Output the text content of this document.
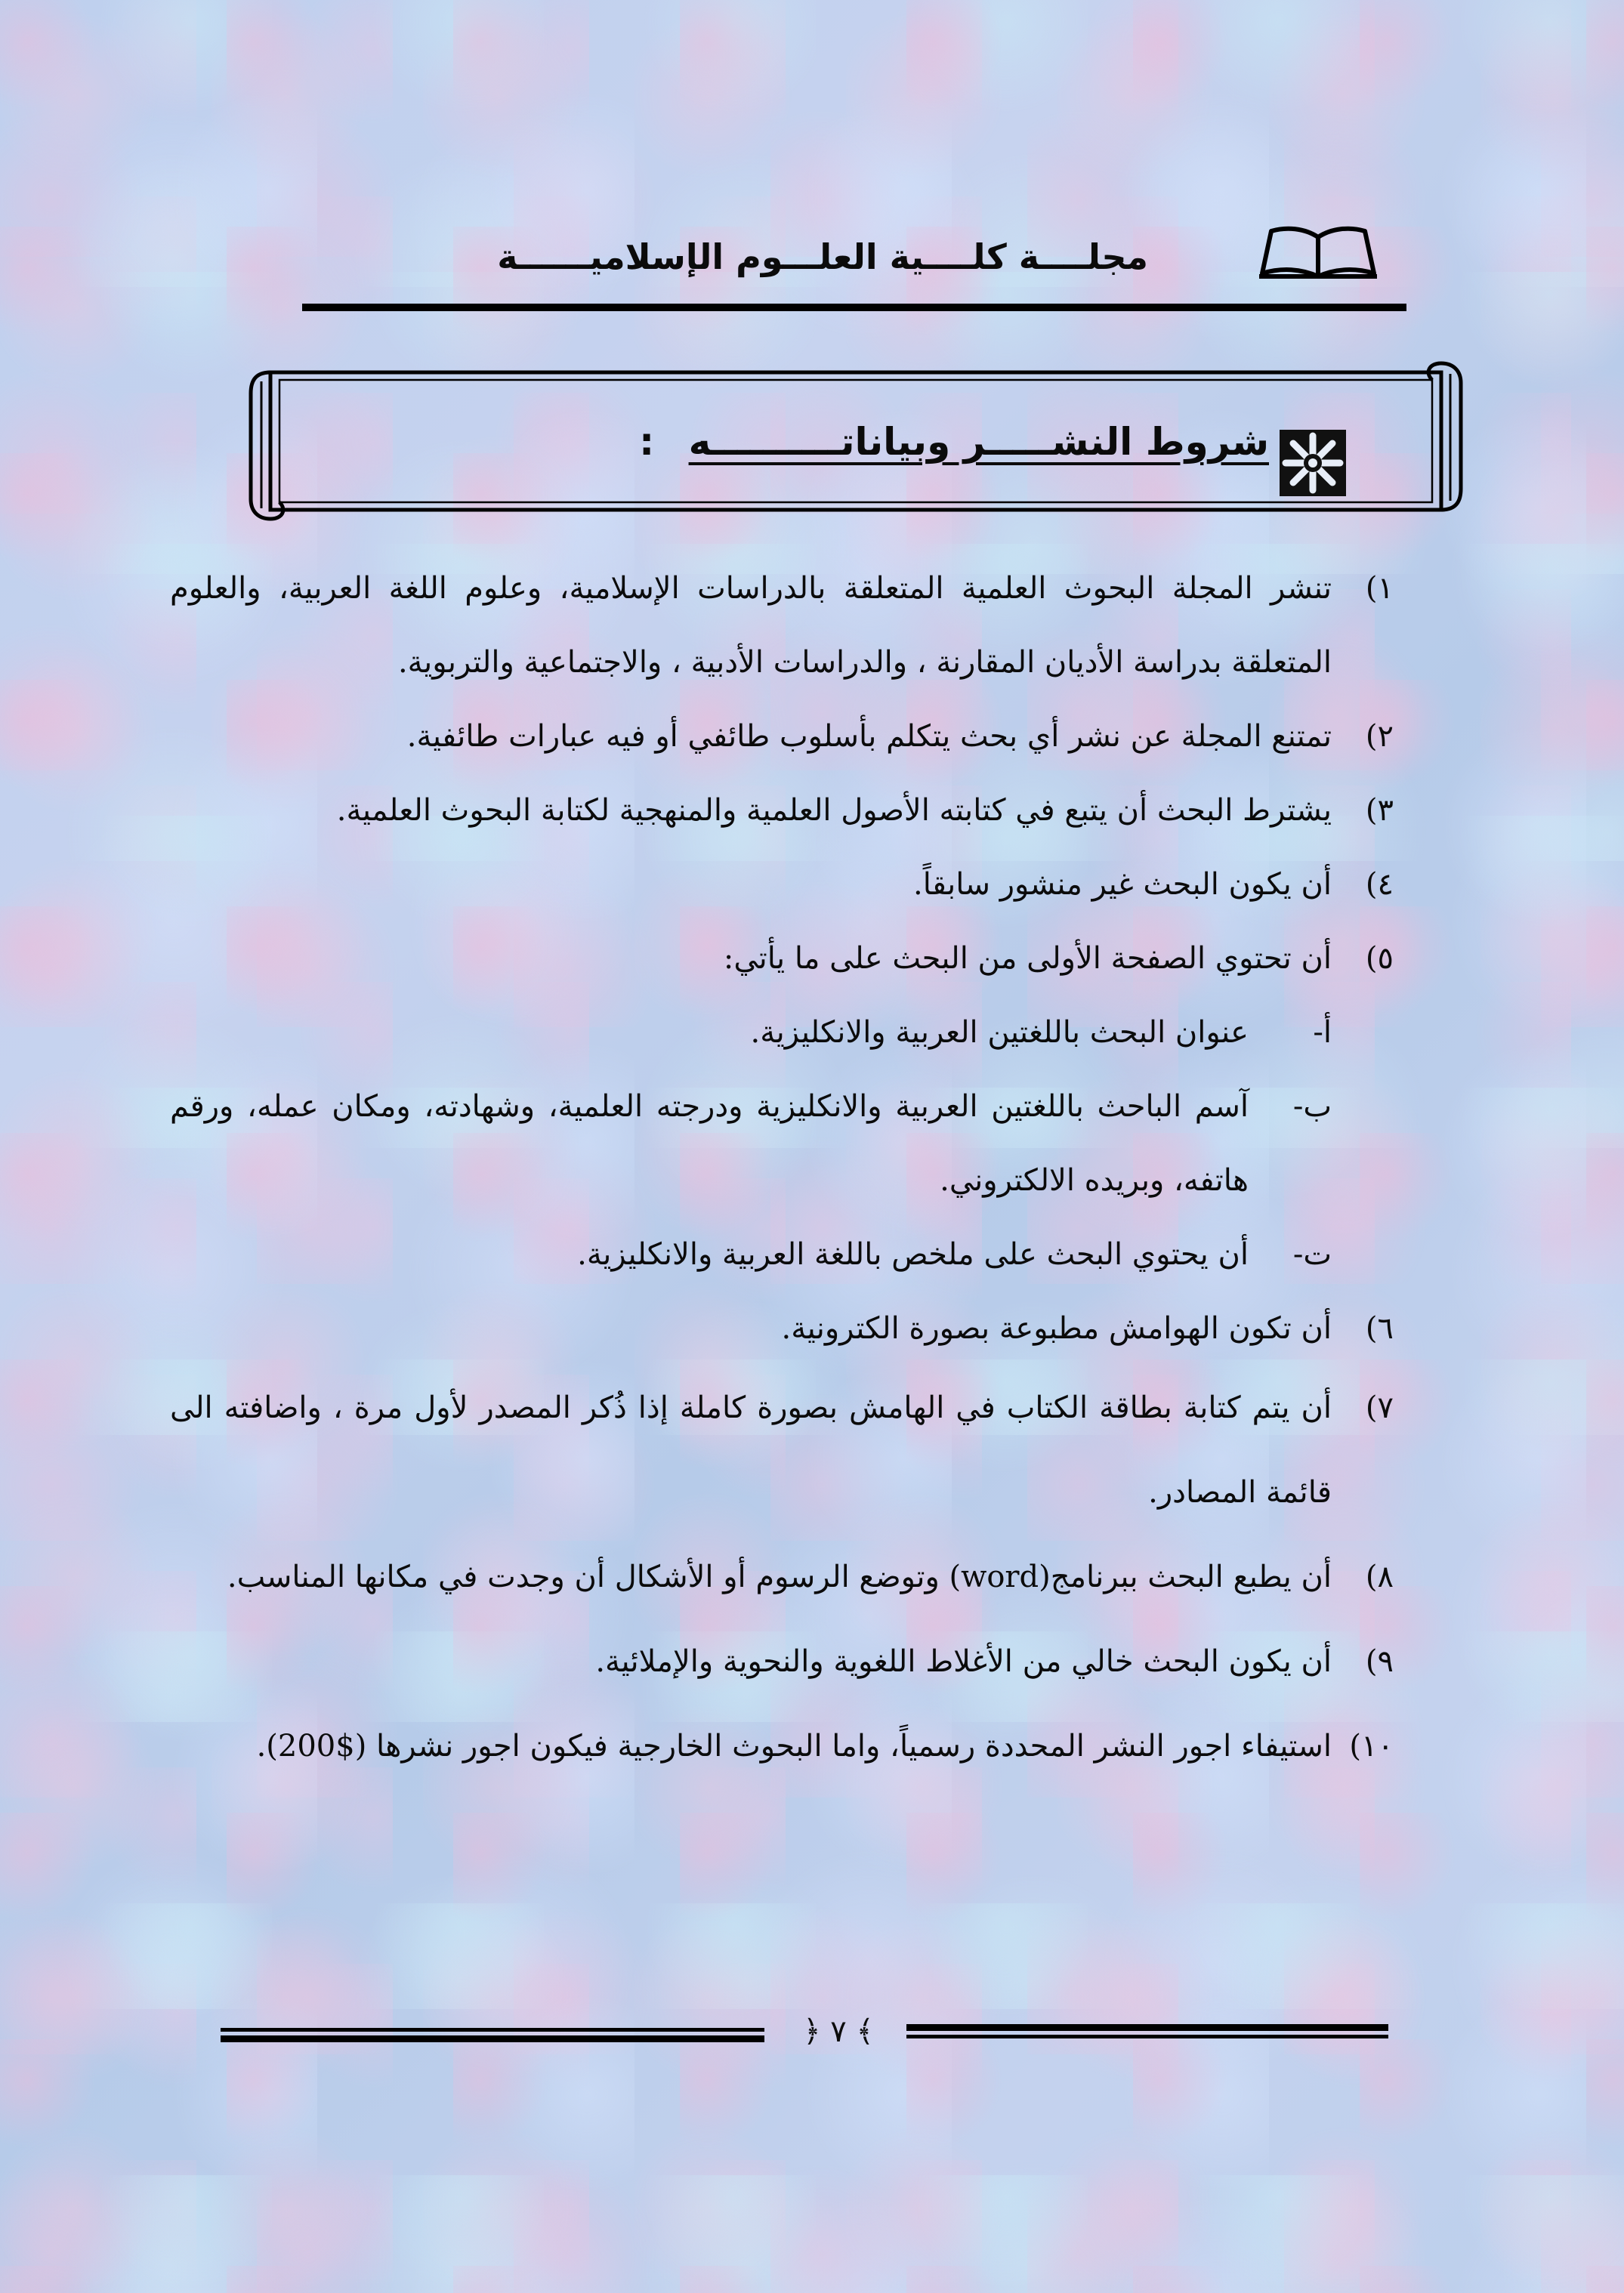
مجلــــة كلــــية العلـــوم الإسلاميــــــة
شروط النشـــــر وبياناتــــــــــه :
١)
تنشر المجلة البحوث العلمية المتعلقة بالدراسات الإسلامية، وعلوم اللغة العربية، والعلوم المتعلقة بدراسة الأديان المقارنة ، والدراسات الأدبية ، والاجتماعية والتربوية.
٢)
تمتنع المجلة عن نشر أي بحث يتكلم بأسلوب طائفي أو فيه عبارات طائفية.
٣)
يشترط البحث أن يتبع في كتابته الأصول العلمية والمنهجية لكتابة البحوث العلمية.
٤)
أن يكون البحث غير منشور سابقاً.
٥)
أن تحتوي الصفحة الأولى من البحث على ما يأتي:
أ-
عنوان البحث باللغتين العربية والانكليزية.
ب-
آسم الباحث باللغتين العربية والانكليزية ودرجته العلمية، وشهادته، ومكان عمله، ورقم هاتفه، وبريده الالكتروني.
ت-
أن يحتوي البحث على ملخص باللغة العربية والانكليزية.
٦)
أن تكون الهوامش مطبوعة بصورة الكترونية.
٧)
أن يتم كتابة بطاقة الكتاب في الهامش بصورة كاملة إذا ذُكر المصدر لأول مرة ، واضافته الى قائمة المصادر.
٨)
أن يطبع البحث ببرنامج(word) وتوضع الرسوم أو الأشكال أن وجدت في مكانها المناسب.
٩)
أن يكون البحث خالي من الأغلاط اللغوية والنحوية والإملائية.
١٠)
استيفاء اجور النشر المحددة رسمياً، واما البحوث الخارجية فيكون اجور نشرها ($200).
﴿ ٧ ﴾
